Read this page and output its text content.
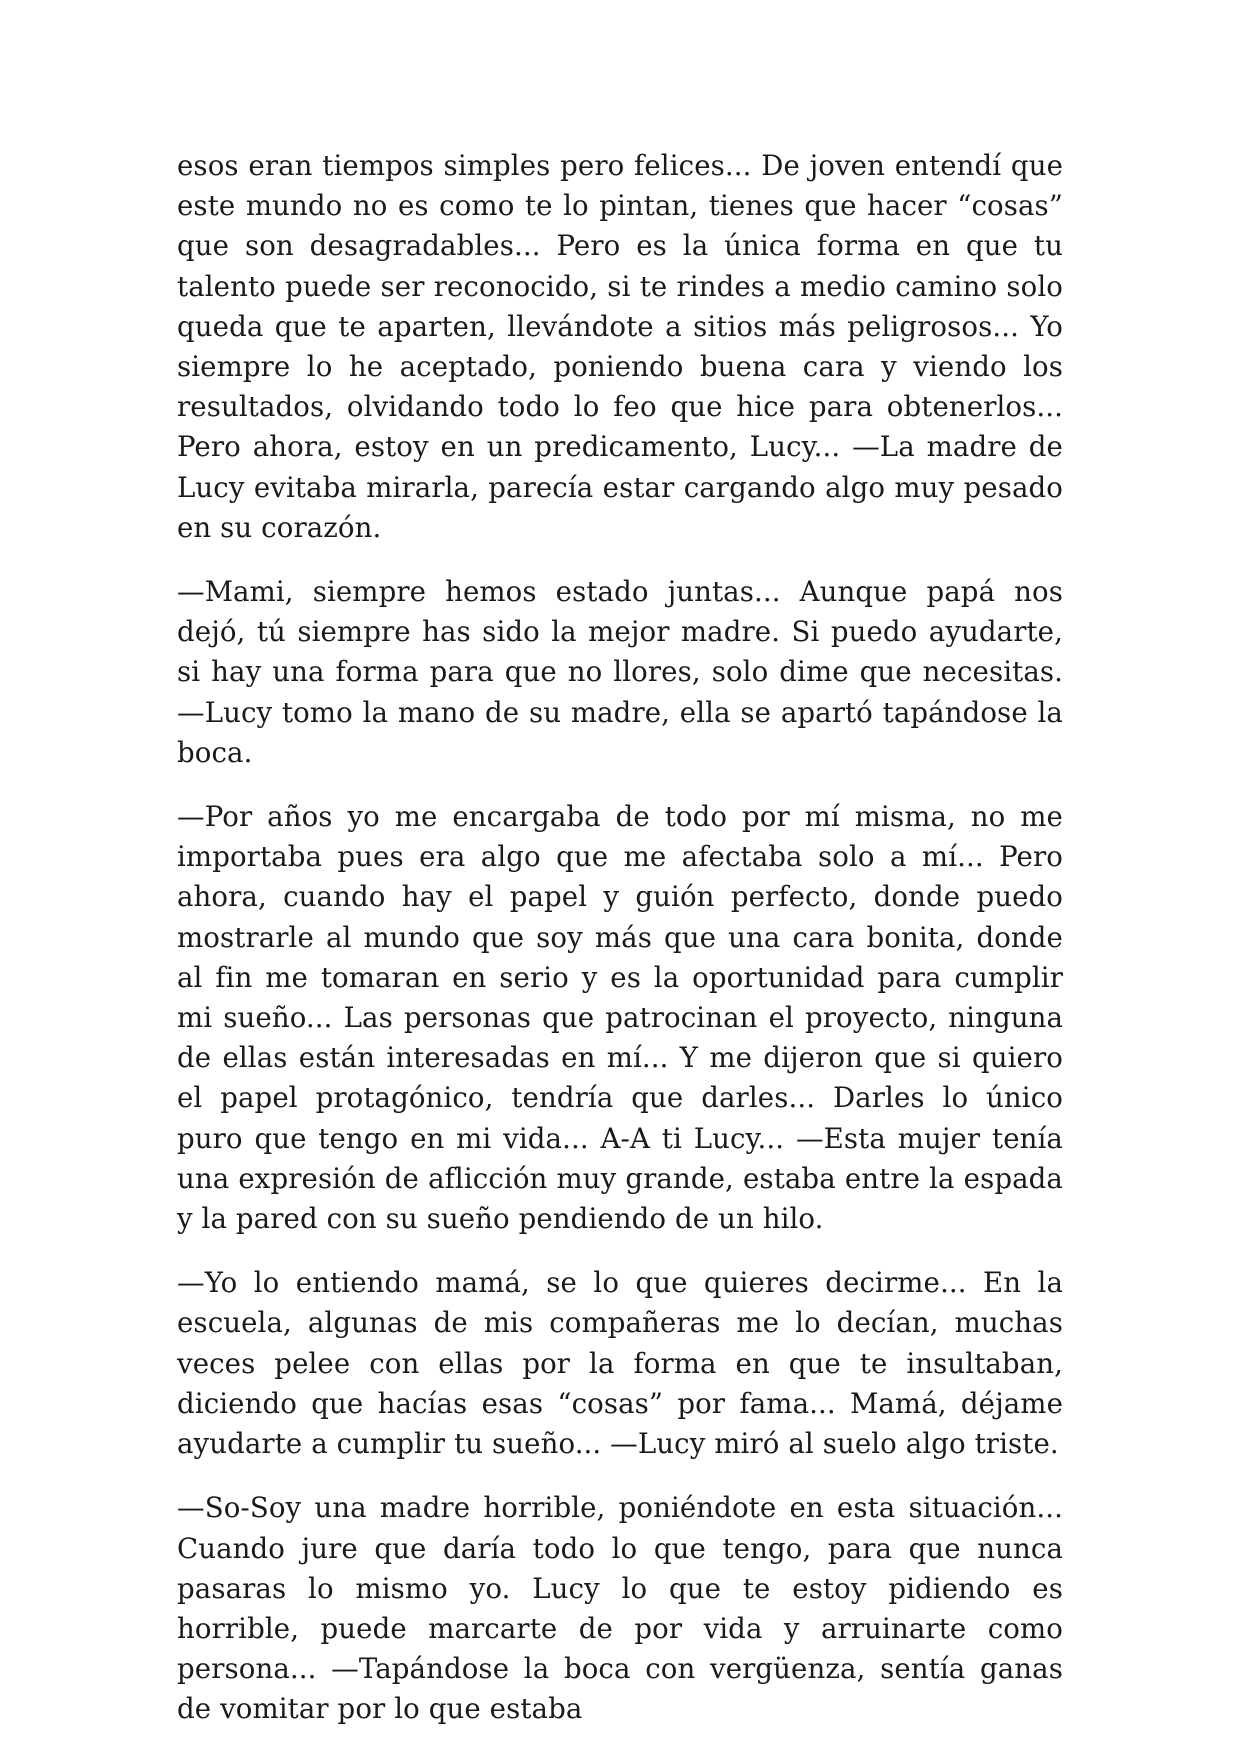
esos eran tiempos simples pero felices... De joven entendí que este mundo no es como te lo pintan, tienes que hacer “cosas” que son desagradables... Pero es la única forma en que tu talento puede ser reconocido, si te rindes a medio camino solo queda que te aparten, llevándote a sitios más peligrosos... Yo siempre lo he aceptado, poniendo buena cara y viendo los resultados, olvidando todo lo feo que hice para obtenerlos... Pero ahora, estoy en un predicamento, Lucy... —La madre de Lucy evitaba mirarla, parecía estar cargando algo muy pesado en su corazón.

—Mami, siempre hemos estado juntas... Aunque papá nos dejó, tú siempre has sido la mejor madre. Si puedo ayudarte, si hay una forma para que no llores, solo dime que necesitas. —Lucy tomo la mano de su madre, ella se apartó tapándose la boca.

—Por años yo me encargaba de todo por mí misma, no me importaba pues era algo que me afectaba solo a mí... Pero ahora, cuando hay el papel y guión perfecto, donde puedo mostrarle al mundo que soy más que una cara bonita, donde al fin me tomaran en serio y es la oportunidad para cumplir mi sueño... Las personas que patrocinan el proyecto, ninguna de ellas están interesadas en mí... Y me dijeron que si quiero el papel protagónico, tendría que darles... Darles lo único puro que tengo en mi vida... A-A ti Lucy... —Esta mujer tenía una expresión de aflicción muy grande, estaba entre la espada y la pared con su sueño pendiendo de un hilo.

—Yo lo entiendo mamá, se lo que quieres decirme... En la escuela, algunas de mis compañeras me lo decían, muchas veces pelee con ellas por la forma en que te insultaban, diciendo que hacías esas “cosas” por fama... Mamá, déjame ayudarte a cumplir tu sueño... —Lucy miró al suelo algo triste.

—So-Soy una madre horrible, poniéndote en esta situación... Cuando jure que daría todo lo que tengo, para que nunca pasaras lo mismo yo. Lucy lo que te estoy pidiendo es horrible, puede marcarte de por vida y arruinarte como persona... —Tapándose la boca con vergüenza, sentía ganas de vomitar por lo que estaba
